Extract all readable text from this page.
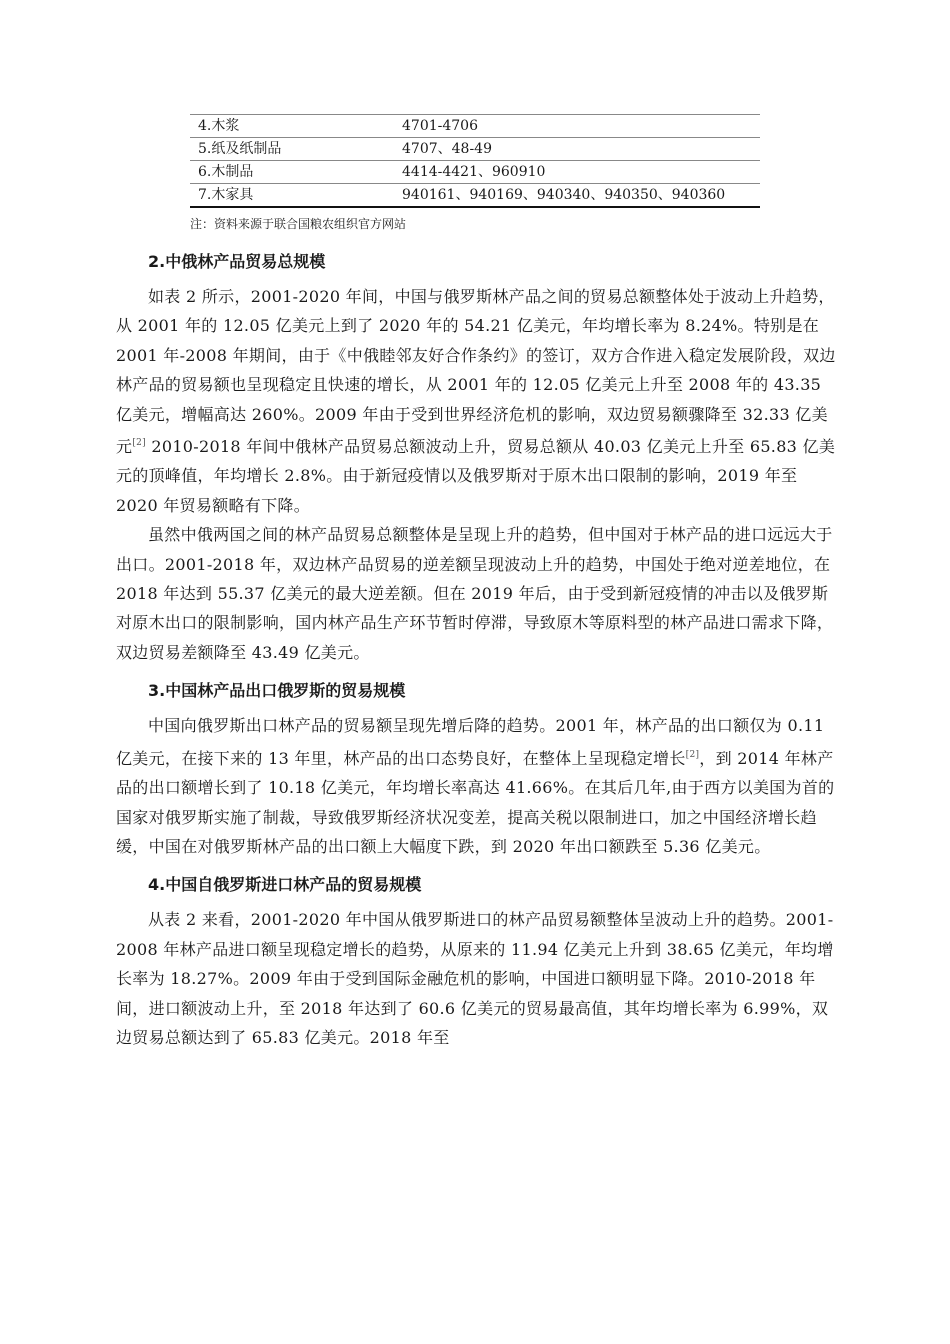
4.木浆	4701-4706
5.纸及纸制品	4707、48-49
6.木制品	4414-4421、960910
7.木家具	940161、940169、940340、940350、940360
注：资料来源于联合国粮农组织官方网站
2.中俄林产品贸易总规模

如表 2 所示，2001-2020 年间，中国与俄罗斯林产品之间的贸易总额整体处于波动上升趋势，从 2001 年的 12.05 亿美元上到了 2020 年的 54.21 亿美元，年均增长率为 8.24%。特别是在 2001 年-2008 年期间，由于《中俄睦邻友好合作条约》的签订，双方合作进入稳定发展阶段，双边林产品的贸易额也呈现稳定且快速的增长，从 2001 年的 12.05 亿美元上升至 2008 年的 43.35 亿美元，增幅高达 260%。2009 年由于受到世界经济危机的影响，双边贸易额骤降至 32.33 亿美元[2] 2010-2018 年间中俄林产品贸易总额波动上升，贸易总额从 40.03 亿美元上升至 65.83 亿美元的顶峰值，年均增长 2.8%。由于新冠疫情以及俄罗斯对于原木出口限制的影响，2019 年至 2020 年贸易额略有下降。

虽然中俄两国之间的林产品贸易总额整体是呈现上升的趋势，但中国对于林产品的进口远远大于出口。2001-2018 年，双边林产品贸易的逆差额呈现波动上升的趋势，中国处于绝对逆差地位，在 2018 年达到 55.37 亿美元的最大逆差额。但在 2019 年后，由于受到新冠疫情的冲击以及俄罗斯对原木出口的限制影响，国内林产品生产环节暂时停滞，导致原木等原料型的林产品进口需求下降，双边贸易差额降至 43.49 亿美元。

3.中国林产品出口俄罗斯的贸易规模

中国向俄罗斯出口林产品的贸易额呈现先增后降的趋势。2001 年，林产品的出口额仅为 0.11 亿美元，在接下来的 13 年里，林产品的出口态势良好，在整体上呈现稳定增长[2]，到 2014 年林产品的出口额增长到了 10.18 亿美元，年均增长率高达 41.66%。在其后几年,由于西方以美国为首的国家对俄罗斯实施了制裁，导致俄罗斯经济状况变差，提高关税以限制进口，加之中国经济增长趋缓，中国在对俄罗斯林产品的出口额上大幅度下跌，到 2020 年出口额跌至 5.36 亿美元。

4.中国自俄罗斯进口林产品的贸易规模

从表 2 来看，2001-2020 年中国从俄罗斯进口的林产品贸易额整体呈波动上升的趋势。2001-2008 年林产品进口额呈现稳定增长的趋势，从原来的 11.94 亿美元上升到 38.65 亿美元，年均增长率为 18.27%。2009 年由于受到国际金融危机的影响，中国进口额明显下降。2010-2018 年间，进口额波动上升，至 2018 年达到了 60.6 亿美元的贸易最高值，其年均增长率为 6.99%，双边贸易总额达到了 65.83 亿美元。2018 年至
